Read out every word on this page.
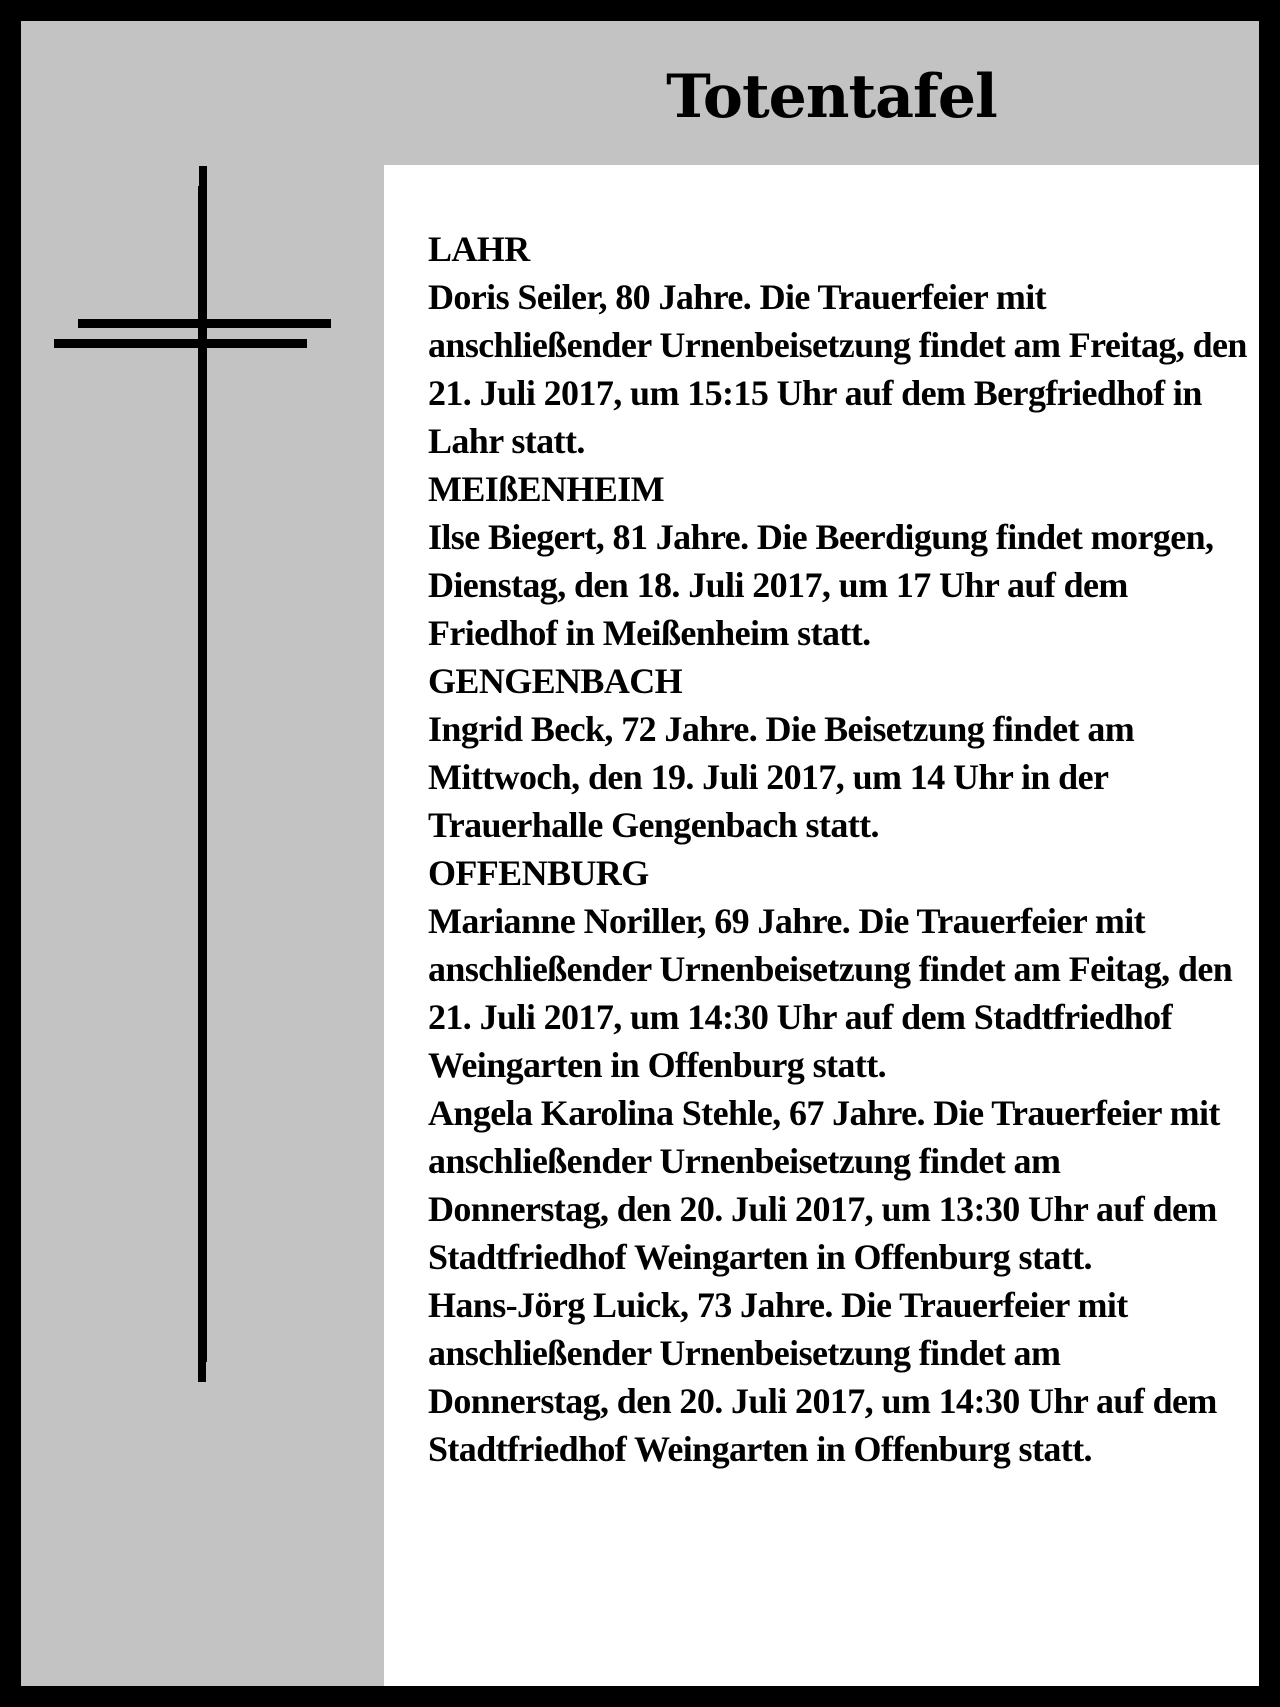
Totentafel

LAHR

Doris Seiler, 80 Jahre. Die Trauerfeier mit anschließender Urnenbeisetzung findet am Freitag, den 21. Juli 2017, um 15:15 Uhr auf dem Bergfriedhof in Lahr statt.

MEIßENHEIM

Ilse Biegert, 81 Jahre. Die Beerdigung findet morgen, Dienstag, den 18. Juli 2017, um 17 Uhr auf dem Friedhof in Meißenheim statt.

GENGENBACH

Ingrid Beck, 72 Jahre. Die Beisetzung findet am Mittwoch, den 19. Juli 2017, um 14 Uhr in der Trauerhalle Gengenbach statt.

OFFENBURG

Marianne Noriller, 69 Jahre. Die Trauerfeier mit anschließender Urnenbeisetzung findet am Feitag, den 21. Juli 2017, um 14:30 Uhr auf dem Stadtfriedhof Weingarten in Offenburg statt.

Angela Karolina Stehle, 67 Jahre. Die Trauerfeier mit anschließender Urnenbeisetzung findet am Donnerstag, den 20. Juli 2017, um 13:30 Uhr auf dem Stadtfriedhof Weingarten in Offenburg statt.

Hans-Jörg Luick, 73 Jahre. Die Trauerfeier mit anschließender Urnenbeisetzung findet am Donnerstag, den 20. Juli 2017, um 14:30 Uhr auf dem Stadtfriedhof Weingarten in Offenburg statt.
